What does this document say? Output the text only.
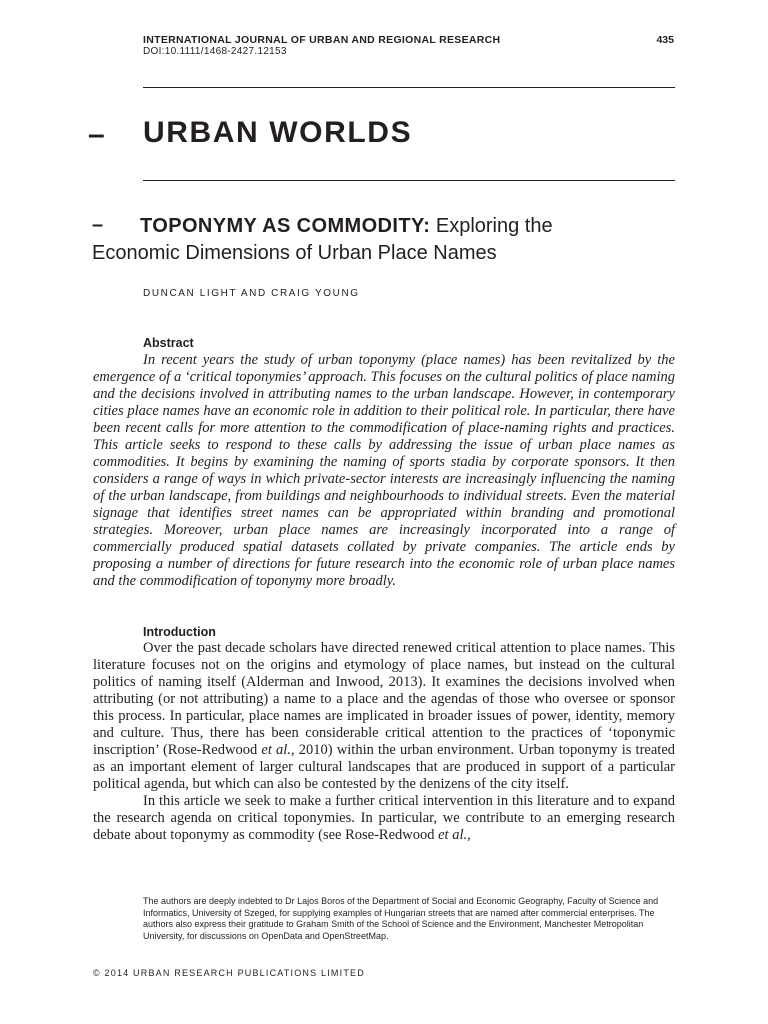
INTERNATIONAL JOURNAL OF URBAN AND REGIONAL RESEARCH	435
DOI:10.1111/1468-2427.12153
– URBAN WORLDS
–	TOPONYMY AS COMMODITY: Exploring the
Economic Dimensions of Urban Place Names
DUNCAN LIGHT AND CRAIG YOUNG
Abstract

In recent years the study of urban toponymy (place names) has been revitalized by the emergence of a ‘critical toponymies’ approach. This focuses on the cultural politics of place naming and the decisions involved in attributing names to the urban landscape. However, in contemporary cities place names have an economic role in addition to their political role. In particular, there have been recent calls for more attention to the commodification of place-naming rights and practices. This article seeks to respond to these calls by addressing the issue of urban place names as commodities. It begins by examining the naming of sports stadia by corporate sponsors. It then considers a range of ways in which private-sector interests are increasingly influencing the naming of the urban landscape, from buildings and neighbourhoods to individual streets. Even the material signage that identifies street names can be appropriated within branding and promotional strategies. Moreover, urban place names are increasingly incorporated into a range of commercially produced spatial datasets collated by private companies. The article ends by proposing a number of directions for future research into the economic role of urban place names and the commodification of toponymy more broadly.

Introduction

Over the past decade scholars have directed renewed critical attention to place names. This literature focuses not on the origins and etymology of place names, but instead on the cultural politics of naming itself (Alderman and Inwood, 2013). It examines the decisions involved when attributing (or not attributing) a name to a place and the agendas of those who oversee or sponsor this process. In particular, place names are implicated in broader issues of power, identity, memory and culture. Thus, there has been considerable critical attention to the practices of ‘toponymic inscription’ (Rose-Redwood et al., 2010) within the urban environment. Urban toponymy is treated as an important element of larger cultural landscapes that are produced in support of a particular political agenda, but which can also be contested by the denizens of the city itself.

In this article we seek to make a further critical intervention in this literature and to expand the research agenda on critical toponymies. In particular, we contribute to an emerging research debate about toponymy as commodity (see Rose-Redwood et al.,

The authors are deeply indebted to Dr Lajos Boros of the Department of Social and Economic Geography, Faculty of Science and Informatics, University of Szeged, for supplying examples of Hungarian streets that are named after commercial enterprises. The authors also express their gratitude to Graham Smith of the School of Science and the Environment, Manchester Metropolitan University, for discussions on OpenData and OpenStreetMap.

© 2014 URBAN RESEARCH PUBLICATIONS LIMITED
